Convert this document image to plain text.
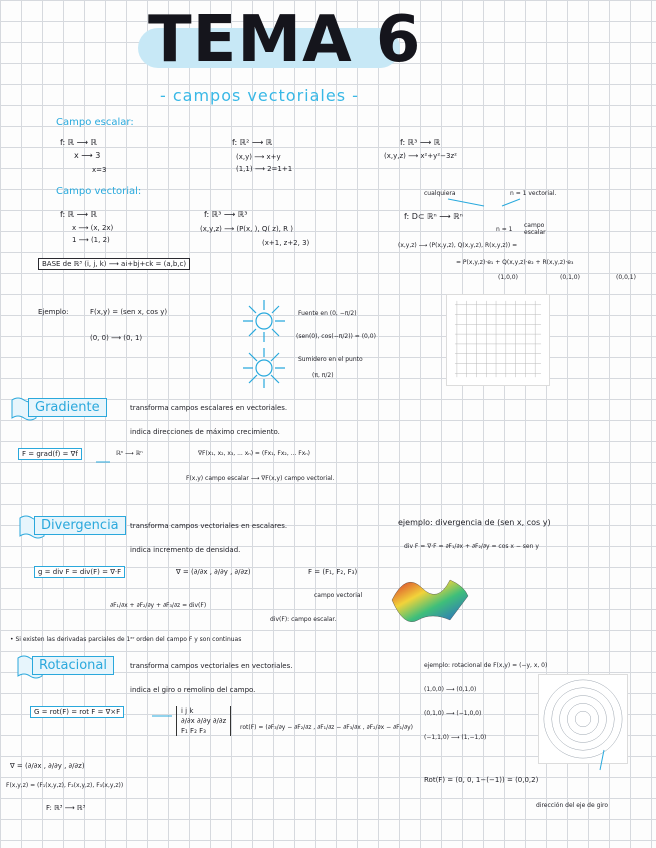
TEMA 6
- campos vectoriales -
Campo escalar:
f: ℝ ⟶ ℝ
x ⟶ 3
x=3
f: ℝ² ⟶ ℝ
(x,y) ⟶ x+y
(1,1) ⟶ 2=1+1
f: ℝ³ ⟶ ℝ
(x,y,z) ⟶ x²+y²−3z²
Campo vectorial:
f: ℝ ⟶ ℝ
x ⟶ (x, 2x)
1 ⟶ (1, 2)
f: ℝ³ ⟶ ℝ³
(x,y,z) ⟶ (P(x, ), Q( z), R )
(x+1, z+2, 3)
BASE de ℝ³ (i, j, k) ⟶ ai+bj+ck = (a,b,c)
cualquiera	n = 1 vectorial.
f: D⊂ ℝⁿ ⟶ ℝⁿ
n = 1
campo escalar
(x,y,z) ⟶ (P(x,y,z), Q(x,y,z), R(x,y,z)) =
= P(x,y,z)·e₁ + Q(x,y,z)·e₂ + R(x,y,z)·e₃
(1,0,0)	(0,1,0)	(0,0,1)
Ejemplo:	F(x,y) = (sen x, cos y)
(0, 0) ⟶ (0, 1)
Fuente en (0, −π/2)
(sen(0), cos(−π/2)) = (0,0)
Sumidero en el punto
(π, π/2)
Gradiente	transforma campos escalares en vectoriales.
indica direcciones de máximo crecimiento.
F = grad(f) = ∇f	ℝⁿ ⟶ ℝⁿ	∇F(x₁, x₂, x₃, ... xₙ) = (Fx₁, Fx₂, ... Fxₙ)
F(x,y) campo escalar ⟶ ∇F(x,y) campo vectorial.
Divergencia	transforma campos vectoriales en escalares.
indica incremento de densidad.
g = div F = div(F) = ∇·F	∇ = (∂/∂x , ∂/∂y , ∂/∂z)	F = (F₁, F₂, F₃)
campo vectorial
∂F₁/∂x + ∂F₂/∂y + ∂F₃/∂z = div(F)
div(F): campo escalar.
ejemplo: divergencia de (sen x, cos y)
div F = ∇·F = ∂F₁/∂x + ∂F₂/∂y = cos x − sen y
• Si existen las derivadas parciales de 1ᵉʳ orden del campo F y son continuas
Rotacional	transforma campos vectoriales en vectoriales.
indica el giro o remolino del campo.
G = rot(F) = rot F = ∇×F	i j k
∂/∂x ∂/∂y ∂/∂z
F₁ F₂ F₃	rot(F) = (∂F₃/∂y − ∂F₂/∂z , ∂F₁/∂z − ∂F₃/∂x , ∂F₂/∂x − ∂F₁/∂y)
∇ = (∂/∂x , ∂/∂y , ∂/∂z)
F(x,y,z) = (F₁(x,y,z), F₂(x,y,z), F₃(x,y,z))
F: ℝ³ ⟶ ℝ³
ejemplo: rotacional de F(x,y) = (−y, x, 0)
(1,0,0) ⟶ (0,1,0)
(0,1,0) ⟶ (−1,0,0)
(−1,1,0) ⟶ (1,−1,0)
Rot(F) = (0, 0, 1−(−1)) = (0,0,2)
dirección del eje de giro
